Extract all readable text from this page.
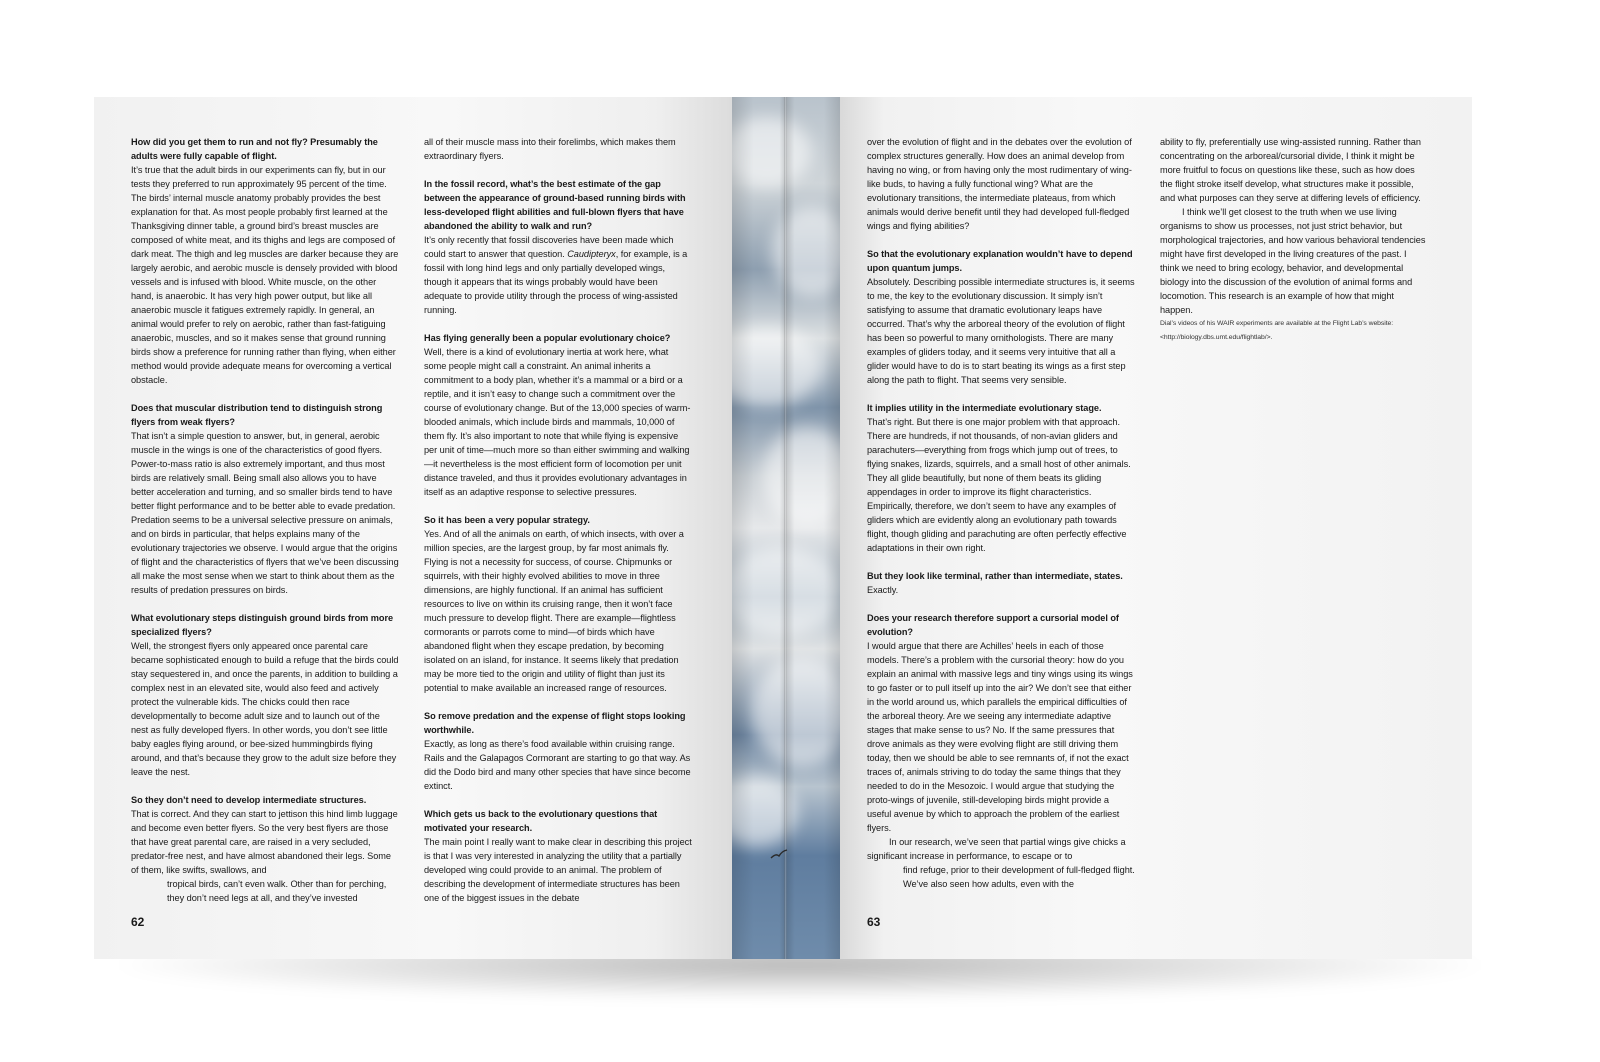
How did you get them to run and not fly? Presumably the adults were fully capable of flight.

It’s true that the adult birds in our experiments can fly, but in our tests they preferred to run approximately 95 percent of the time. The birds’ internal muscle anatomy probably provides the best explanation for that. As most people probably first learned at the Thanksgiving dinner table, a ground bird’s breast muscles are composed of white meat, and its thighs and legs are composed of dark meat. The thigh and leg muscles are darker because they are largely aerobic, and aerobic muscle is densely provided with blood vessels and is infused with blood. White muscle, on the other hand, is anaerobic. It has very high power output, but like all anaerobic muscle it fatigues extremely rapidly. In general, an animal would prefer to rely on aerobic, rather than fast-fatiguing anaerobic, muscles, and so it makes sense that ground running birds show a preference for running rather than flying, when either method would provide adequate means for overcoming a vertical obstacle.

Does that muscular distribution tend to distinguish strong flyers from weak flyers?

That isn’t a simple question to answer, but, in general, aerobic muscle in the wings is one of the characteristics of good flyers. Power-to-mass ratio is also extremely important, and thus most birds are relatively small. Being small also allows you to have better acceleration and turning, and so smaller birds tend to have better flight performance and to be better able to evade predation. Predation seems to be a universal selective pressure on animals, and on birds in particular, that helps explains many of the evolutionary trajectories we observe. I would argue that the origins of flight and the characteristics of flyers that we’ve been discussing all make the most sense when we start to think about them as the results of predation pressures on birds.

What evolutionary steps distinguish ground birds from more specialized flyers?

Well, the strongest flyers only appeared once parental care became sophisticated enough to build a refuge that the birds could stay sequestered in, and once the parents, in addition to building a complex nest in an elevated site, would also feed and actively protect the vulnerable kids. The chicks could then race developmentally to become adult size and to launch out of the nest as fully developed flyers. In other words, you don’t see little baby eagles flying around, or bee-sized hummingbirds flying around, and that’s because they grow to the adult size before they leave the nest.

So they don’t need to develop intermediate structures.

That is correct. And they can start to jettison this hind limb luggage and become even better flyers. So the very best flyers are those that have great parental care, are raised in a very secluded, predator-free nest, and have almost abandoned their legs. Some of them, like swifts, swallows, and

tropical birds, can’t even walk. Other than for perching, they don’t need legs at all, and they’ve invested

62

all of their muscle mass into their forelimbs, which makes them extraordinary flyers.

In the fossil record, what’s the best estimate of the gap between the appearance of ground-based running birds with less-developed flight abilities and full-blown flyers that have abandoned the ability to walk and run?

It’s only recently that fossil discoveries have been made which could start to answer that question. Caudipteryx, for example, is a fossil with long hind legs and only partially developed wings, though it appears that its wings probably would have been adequate to provide utility through the process of wing-assisted running.

Has flying generally been a popular evolutionary choice?

Well, there is a kind of evolutionary inertia at work here, what some people might call a constraint. An animal inherits a commitment to a body plan, whether it’s a mammal or a bird or a reptile, and it isn’t easy to change such a commitment over the course of evolutionary change. But of the 13,000 species of warm-blooded animals, which include birds and mammals, 10,000 of them fly. It’s also important to note that while flying is expensive per unit of time—much more so than either swimming and walking—it nevertheless is the most efficient form of locomotion per unit distance traveled, and thus it provides evolutionary advantages in itself as an adaptive response to selective pressures.

So it has been a very popular strategy.

Yes. And of all the animals on earth, of which insects, with over a million species, are the largest group, by far most animals fly. Flying is not a necessity for success, of course. Chipmunks or squirrels, with their highly evolved abilities to move in three dimensions, are highly functional. If an animal has sufficient resources to live on within its cruising range, then it won’t face much pressure to develop flight. There are example—flightless cormorants or parrots come to mind—of birds which have abandoned flight when they escape predation, by becoming isolated on an island, for instance. It seems likely that predation may be more tied to the origin and utility of flight than just its potential to make available an increased range of resources.

So remove predation and the expense of flight stops looking worthwhile.

Exactly, as long as there’s food available within cruising range. Rails and the Galapagos Cormorant are starting to go that way. As did the Dodo bird and many other species that have since become extinct.

Which gets us back to the evolutionary questions that motivated your research.

The main point I really want to make clear in describing this project is that I was very interested in analyzing the utility that a partially developed wing could provide to an animal. The problem of describing the development of intermediate structures has been one of the biggest issues in the debate

over the evolution of flight and in the debates over the evolution of complex structures generally. How does an animal develop from having no wing, or from having only the most rudimentary of wing-like buds, to having a fully functional wing? What are the evolutionary transitions, the intermediate plateaus, from which animals would derive benefit until they had developed full-fledged wings and flying abilities?

So that the evolutionary explanation wouldn’t have to depend upon quantum jumps.

Absolutely. Describing possible intermediate structures is, it seems to me, the key to the evolutionary discussion. It simply isn’t satisfying to assume that dramatic evolutionary leaps have occurred. That’s why the arboreal theory of the evolution of flight has been so powerful to many ornithologists. There are many examples of gliders today, and it seems very intuitive that all a glider would have to do is to start beating its wings as a first step along the path to flight. That seems very sensible.

It implies utility in the intermediate evolutionary stage.

That’s right. But there is one major problem with that approach. There are hundreds, if not thousands, of non-avian gliders and parachuters—everything from frogs which jump out of trees, to flying snakes, lizards, squirrels, and a small host of other animals. They all glide beautifully, but none of them beats its gliding appendages in order to improve its flight characteristics. Empirically, therefore, we don’t seem to have any examples of gliders which are evidently along an evolutionary path towards flight, though gliding and parachuting are often perfectly effective adaptations in their own right.

But they look like terminal, rather than intermediate, states.

Exactly.

Does your research therefore support a cursorial model of evolution?

I would argue that there are Achilles’ heels in each of those models. There’s a problem with the cursorial theory: how do you explain an animal with massive legs and tiny wings using its wings to go faster or to pull itself up into the air? We don’t see that either in the world around us, which parallels the empirical difficulties of the arboreal theory. Are we seeing any intermediate adaptive stages that make sense to us? No. If the same pressures that drove animals as they were evolving flight are still driving them today, then we should be able to see remnants of, if not the exact traces of, animals striving to do today the same things that they needed to do in the Mesozoic. I would argue that studying the proto-wings of juvenile, still-developing birds might provide a useful avenue by which to approach the problem of the earliest flyers.

In our research, we’ve seen that partial wings give chicks a significant increase in performance, to escape or to

find refuge, prior to their development of full-fledged flight. We’ve also seen how adults, even with the

63

ability to fly, preferentially use wing-assisted running. Rather than concentrating on the arboreal/cursorial divide, I think it might be more fruitful to focus on questions like these, such as how does the flight stroke itself develop, what structures make it possible, and what purposes can they serve at differing levels of efficiency.

I think we’ll get closest to the truth when we use living organisms to show us processes, not just strict behavior, but morphological trajectories, and how various behavioral tendencies might have first developed in the living creatures of the past. I think we need to bring ecology, behavior, and developmental biology into the discussion of the evolution of animal forms and locomotion. This research is an example of how that might happen.

Dial’s videos of his WAIR experiments are available at the Flight Lab’s website: <http://biology.dbs.umt.edu/flightlab/>.
